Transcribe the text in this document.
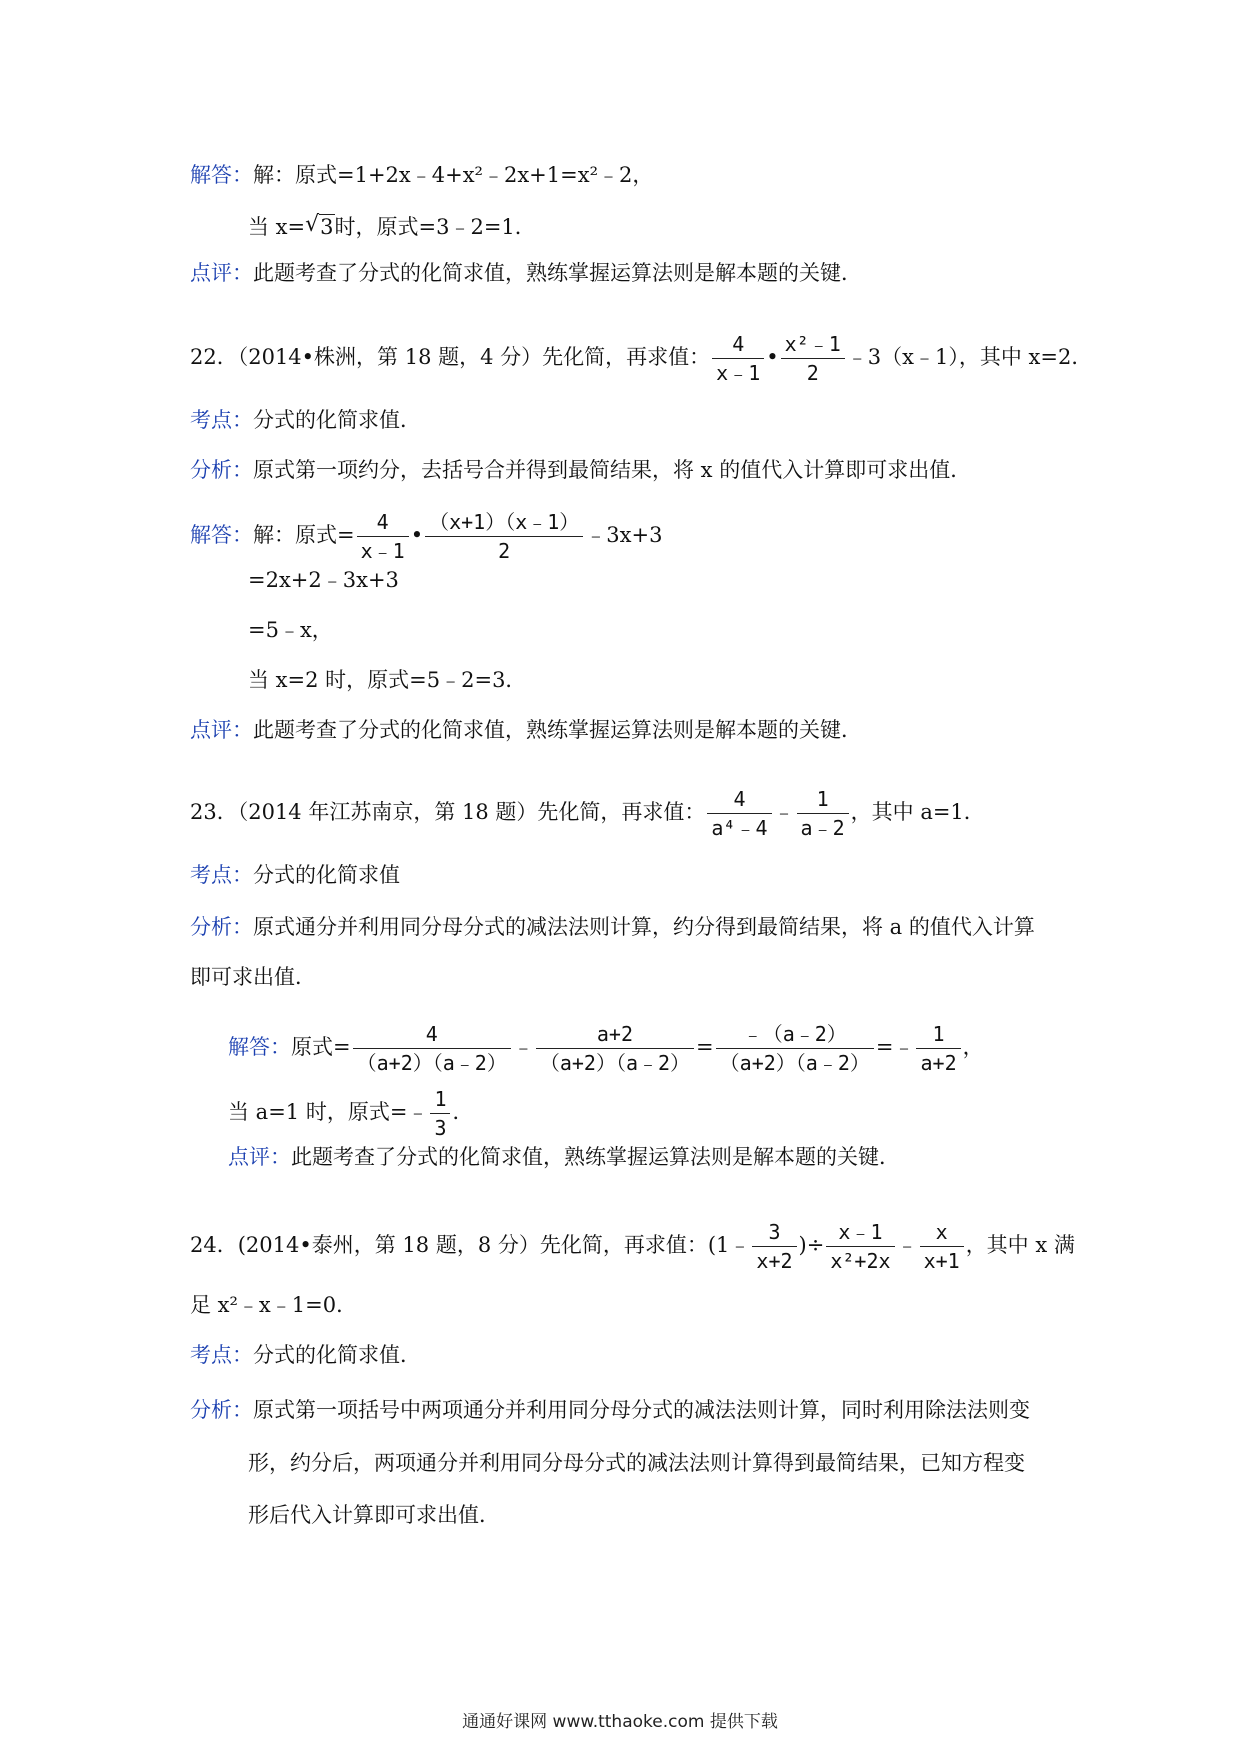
解答：解：原式=1+2x﹣4+x²﹣2x+1=x²﹣2，
当 x= √ 3时，原式=3﹣2=1．
点评：此题考查了分式的化简求值，熟练掌握运算法则是解本题的关键．
22．（2014•株洲，第 18 题，4 分）先化简，再求值： $\frac{4}{x﹣1}$ • $\frac{\text{x²﹣1}}{2}$ ﹣3（x﹣1），其中 x=2．
考点：分式的化简求值．
分析：原式第一项约分，去括号合并得到最简结果，将 x 的值代入计算即可求出值．
解答：解：原式= $\frac{4}{x﹣1}$ • $\frac{(x+1)(x﹣1)}{2}$ ﹣3x+3
=2x+2﹣3x+3
=5﹣x，
当 x=2 时，原式=5﹣2=3．
点评：此题考查了分式的化简求值，熟练掌握运算法则是解本题的关键．
23．（2014 年江苏南京，第 18 题）先化简，再求值： $\frac{4}{\text{a⁴﹣4}}$ ﹣ $\frac{1}{a﹣2}$ ，其中 a=1．
考点：分式的化简求值
分析：原式通分并利用同分母分式的减法法则计算，约分得到最简结果，将 a 的值代入计算
即可求出值．
解答：原式= $\frac{4}{(a+2)(a﹣2)}$ ﹣ $\frac{a+2}{(a+2)(a﹣2)} = \frac{﹣(a﹣2)}{(a+2)(a﹣2)}$ =﹣ $\frac{1}{a+2}$ ，
当 a=1 时，原式=﹣ $\frac{1}{3}$ ．
点评：此题考查了分式的化简求值，熟练掌握运算法则是解本题的关键．
24．(2014•泰州，第 18 题，8 分）先化简，再求值：(1﹣ $\frac{3}{x+2}$ )÷ $\frac{x﹣1}{\text{x²+2x}}$ ﹣ $\frac{x}{x+1}$ ，其中 x 满
足 x²﹣x﹣1=0．
考点：分式的化简求值．
分析：原式第一项括号中两项通分并利用同分母分式的减法法则计算，同时利用除法法则变
形，约分后，两项通分并利用同分母分式的减法法则计算得到最简结果，已知方程变
形后代入计算即可求出值．
通通好课网 www.tthaoke.com 提供下载
